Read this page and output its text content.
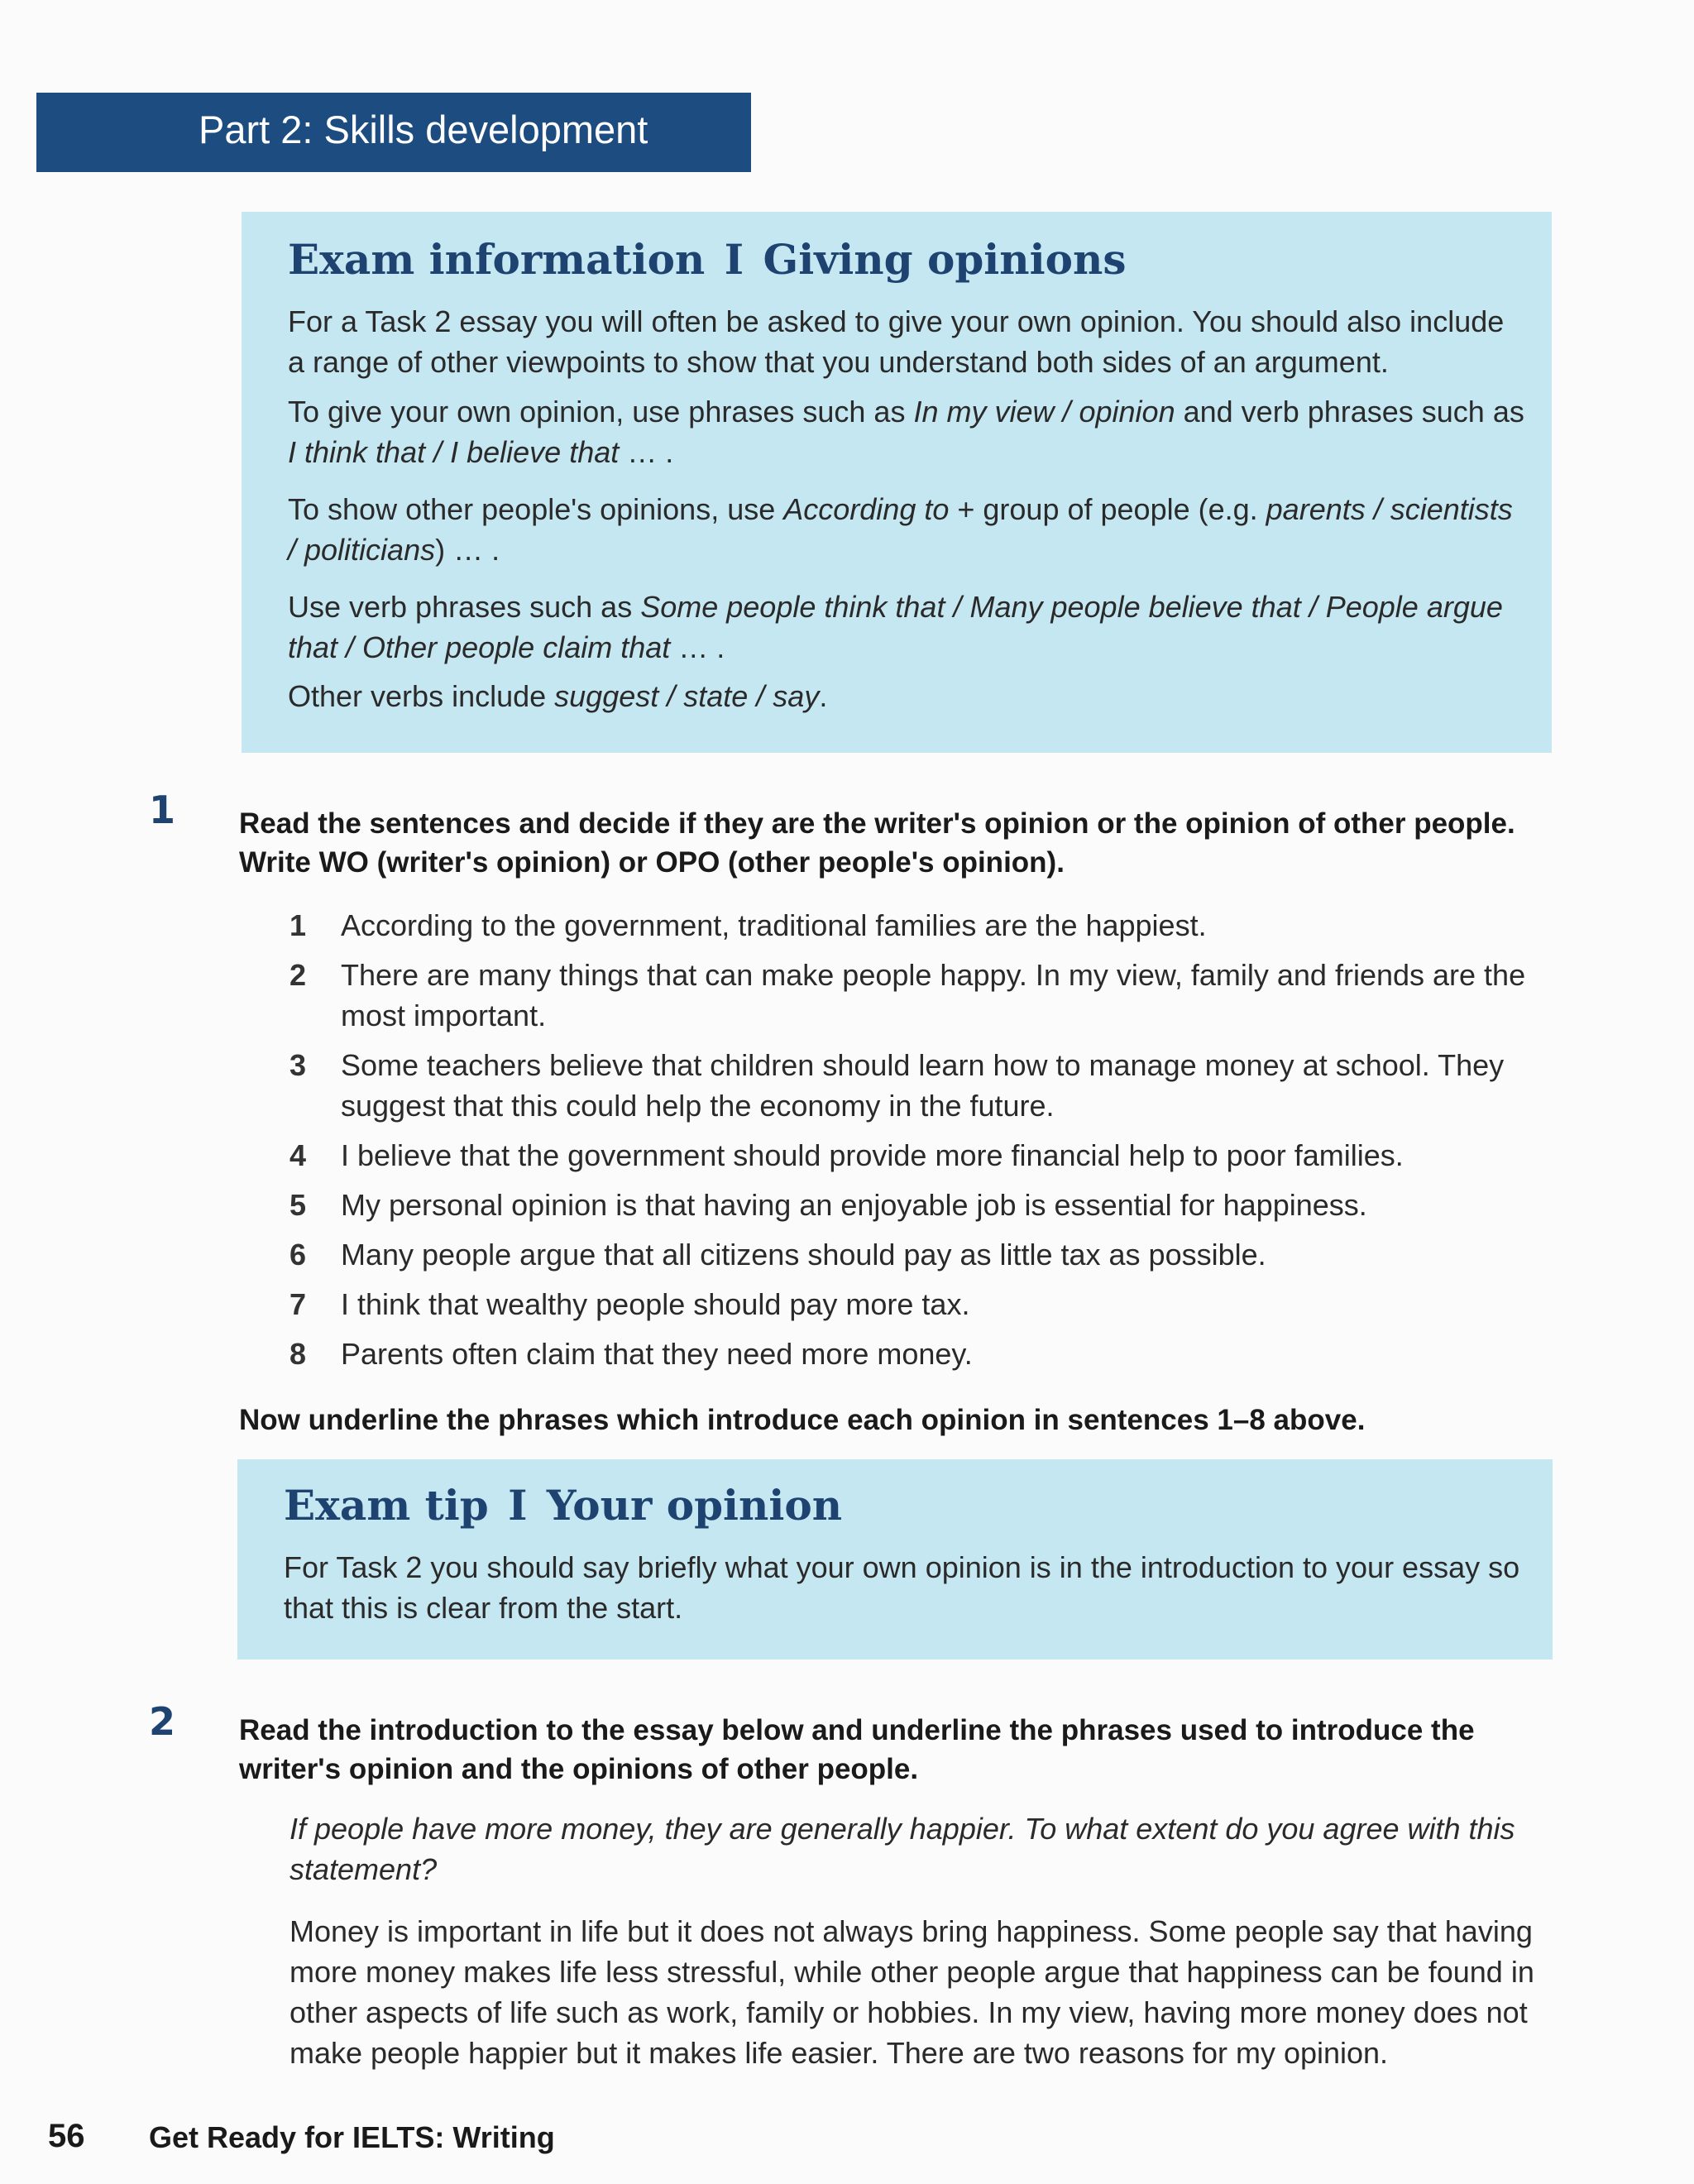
Part 2: Skills development
Exam information I Giving opinions

For a Task 2 essay you will often be asked to give your own opinion. You should also include a range of other viewpoints to show that you understand both sides of an argument.

To give your own opinion, use phrases such as In my view / opinion and verb phrases such as I think that / I believe that … .

To show other people's opinions, use According to + group of people (e.g. parents / scientists / politicians) … .

Use verb phrases such as Some people think that / Many people believe that / People argue that / Other people claim that … .

Other verbs include suggest / state / say.

1 Read the sentences and decide if they are the writer's opinion or the opinion of other people. Write WO (writer's opinion) or OPO (other people's opinion).
1 According to the government, traditional families are the happiest.
2 There are many things that can make people happy. In my view, family and friends are the most important.
3 Some teachers believe that children should learn how to manage money at school. They suggest that this could help the economy in the future.
4 I believe that the government should provide more financial help to poor families.
5 My personal opinion is that having an enjoyable job is essential for happiness.
6 Many people argue that all citizens should pay as little tax as possible.
7 I think that wealthy people should pay more tax.
8 Parents often claim that they need more money.
Now underline the phrases which introduce each opinion in sentences 1–8 above.
Exam tip I Your opinion

For Task 2 you should say briefly what your own opinion is in the introduction to your essay so that this is clear from the start.

2 Read the introduction to the essay below and underline the phrases used to introduce the writer's opinion and the opinions of other people.
If people have more money, they are generally happier. To what extent do you agree with this statement?
Money is important in life but it does not always bring happiness. Some people say that having more money makes life less stressful, while other people argue that happiness can be found in other aspects of life such as work, family or hobbies. In my view, having more money does not make people happier but it makes life easier. There are two reasons for my opinion.
56 Get Ready for IELTS: Writing
